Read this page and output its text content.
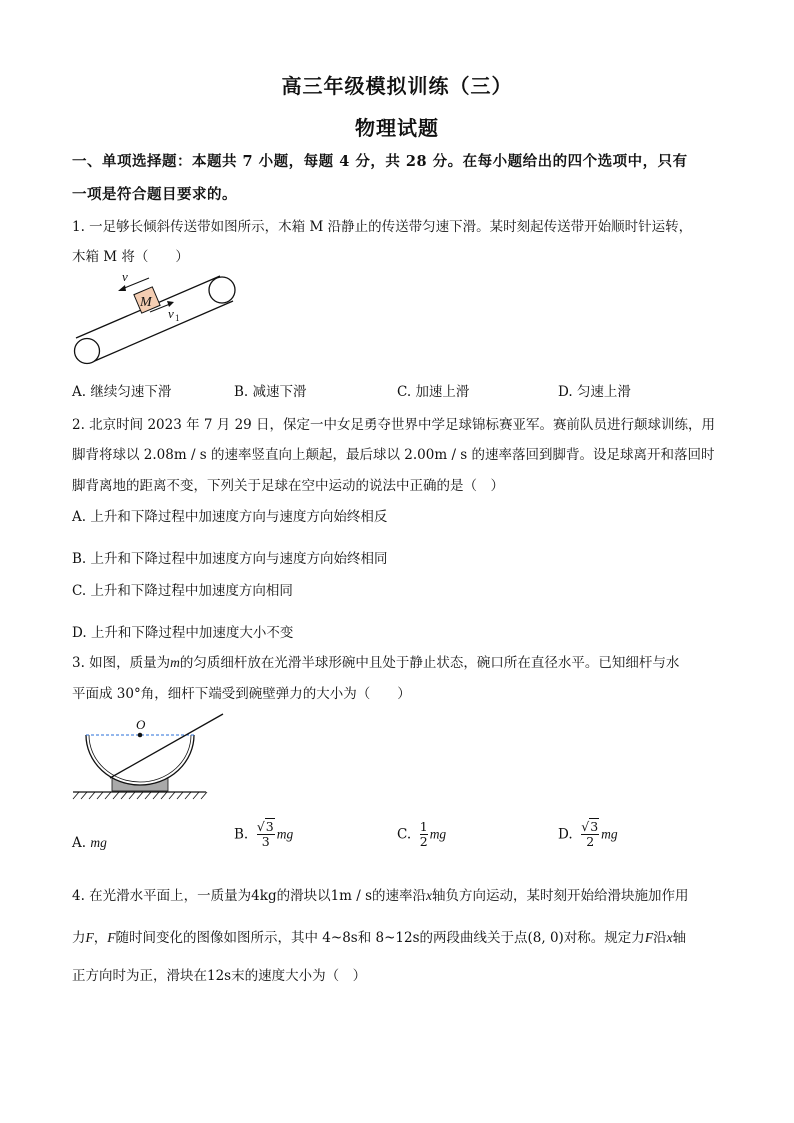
高三年级模拟训练（三）
物理试题
一、单项选择题：本题共 7 小题，每题 4 分，共 28 分。在每小题给出的四个选项中，只有
一项是符合题目要求的。
1. 一足够长倾斜传送带如图所示，木箱 M 沿静止的传送带匀速下滑。某时刻起传送带开始顺时针运转，
木箱 M 将（　　）
M
v
v 1
A. 继续匀速下滑	B. 减速下滑	C. 加速上滑	D. 匀速上滑
2. 北京时间 2023 年 7 月 29 日，保定一中女足勇夺世界中学足球锦标赛亚军。赛前队员进行颠球训练，用
脚背将球以 2.08m / s 的速率竖直向上颠起，最后球以 2.00m / s 的速率落回到脚背。设足球离开和落回时
脚背离地的距离不变，下列关于足球在空中运动的说法中正确的是（　）
A. 上升和下降过程中加速度方向与速度方向始终相反
B. 上升和下降过程中加速度方向与速度方向始终相同
C. 上升和下降过程中加速度方向相同
D. 上升和下降过程中加速度大小不变
3. 如图，质量为m的匀质细杆放在光滑半球形碗中且处于静止状态，碗口所在直径水平。已知细杆与水
平面成 30°角，细杆下端受到碗壁弹力的大小为（　　）
O
A. mg	B. $\frac{√3}{3}$ mg	C. $\frac{1}{2}$ mg	D. $\frac{√3}{2}$ mg
4. 在光滑水平面上，一质量为4kg的滑块以1m / s的速率沿x轴负方向运动，某时刻开始给滑块施加作用
力F，F随时间变化的图像如图所示，其中 4~8s和 8~12s的两段曲线关于点(8, 0)对称。规定力F沿x轴
正方向时为正，滑块在12s末的速度大小为（　）
